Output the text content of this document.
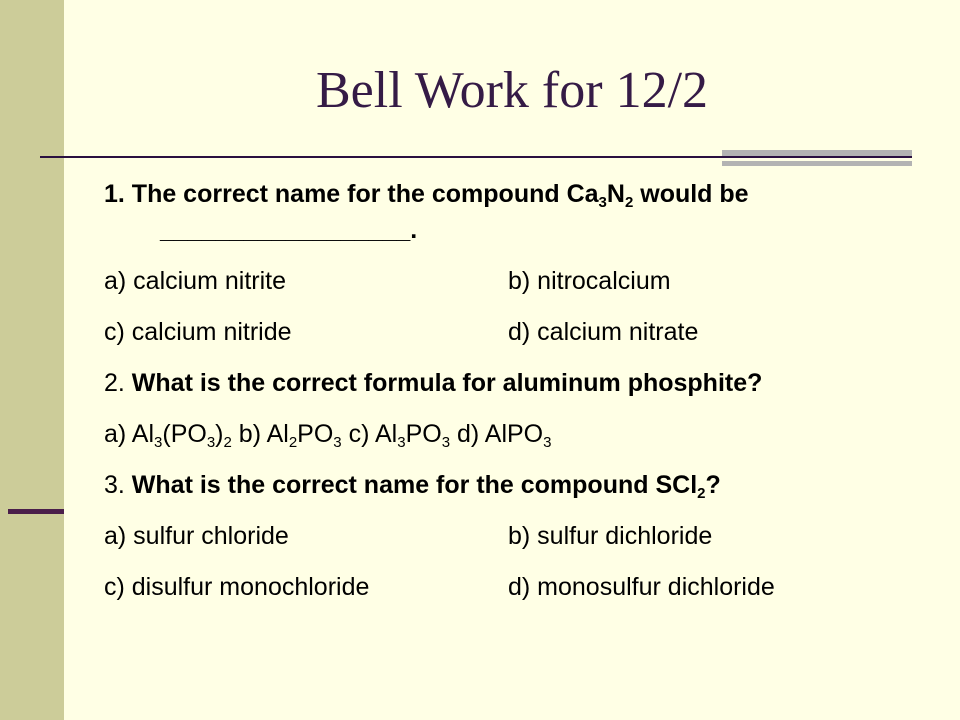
Bell Work for 12/2
1. The correct name for the compound $Ca_3N_2$ would be __________________.
a) calcium nitrite	b) nitrocalcium
c) calcium nitride	d) calcium nitrate
2. What is the correct formula for aluminum phosphite?
a) $Al_3(PO_3)_2$ b) $Al_2PO_3$ c) $Al_3PO_3$ d) AlPO$_3$
3. What is the correct name for the compound SCl$_2$?
a) sulfur chloride	b) sulfur dichloride
c) disulfur monochloride	d) monosulfur dichloride
